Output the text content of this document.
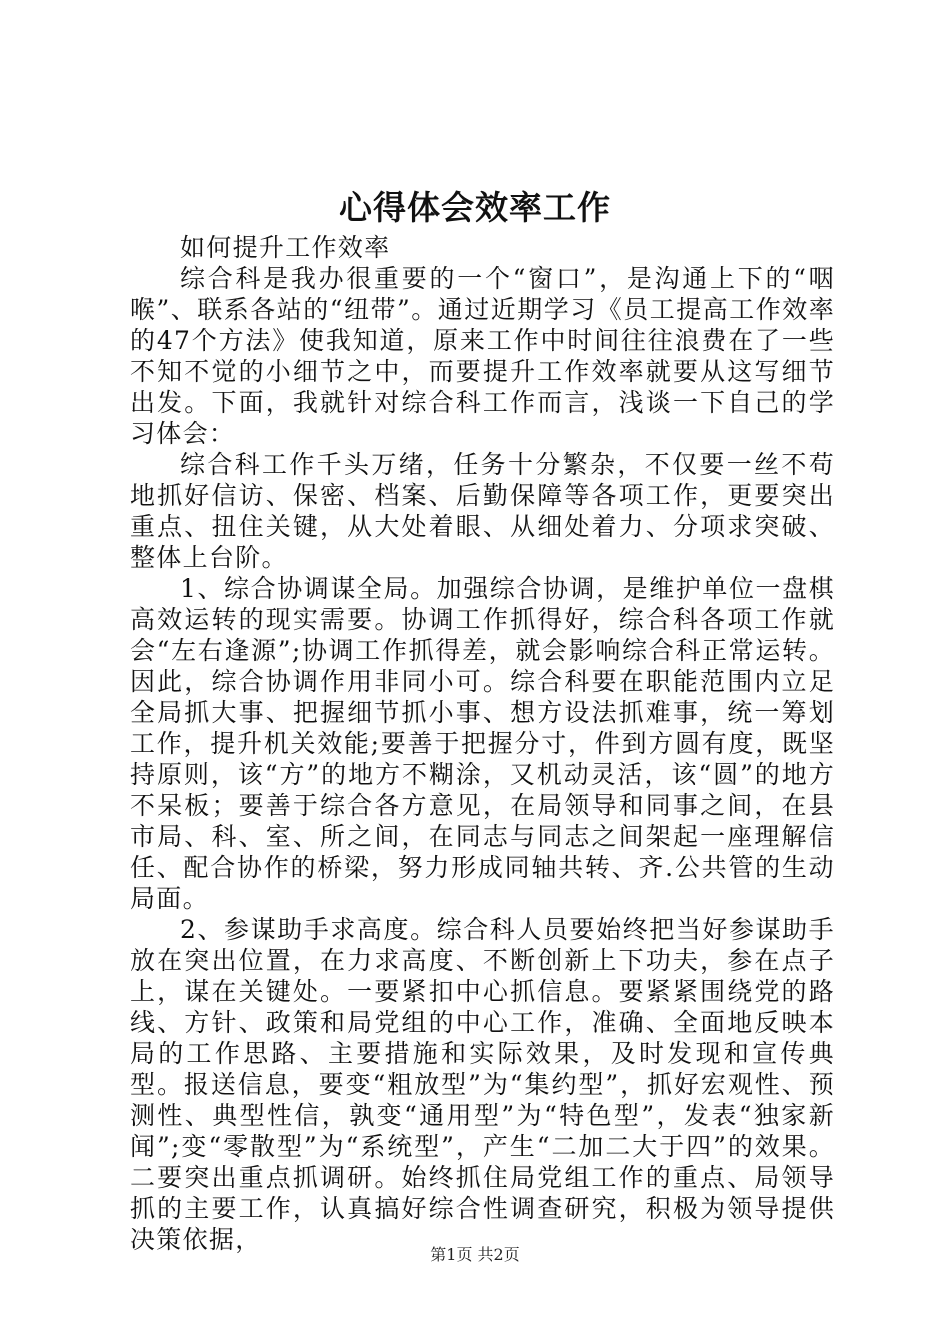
心得体会效率工作

如何提升工作效率

综合科是我办很重要的一个“窗口”，是沟通上下的“咽喉”、联系各站的“纽带”。通过近期学习《员工提高工作效率的47个方法》使我知道，原来工作中时间往往浪费在了一些不知不觉的小细节之中，而要提升工作效率就要从这写细节出发。下面，我就针对综合科工作而言，浅谈一下自己的学习体会：

综合科工作千头万绪，任务十分繁杂，不仅要一丝不苟地抓好信访、保密、档案、后勤保障等各项工作，更要突出重点、扭住关键，从大处着眼、从细处着力、分项求突破、整体上台阶。

1、综合协调谋全局。加强综合协调，是维护单位一盘棋高效运转的现实需要。协调工作抓得好，综合科各项工作就会“左右逢源”;协调工作抓得差，就会影响综合科正常运转。因此，综合协调作用非同小可。综合科要在职能范围内立足全局抓大事、把握细节抓小事、想方设法抓难事，统一筹划工作，提升机关效能;要善于把握分寸，件到方圆有度，既坚持原则，该“方”的地方不糊涂，又机动灵活，该“圆”的地方不呆板；要善于综合各方意见，在局领导和同事之间，在县市局、科、室、所之间，在同志与同志之间架起一座理解信任、配合协作的桥梁，努力形成同轴共转、齐.公共管的生动局面。

2、参谋助手求高度。综合科人员要始终把当好参谋助手放在突出位置，在力求高度、不断创新上下功夫，参在点子上，谋在关键处。一要紧扣中心抓信息。要紧紧围绕党的路线、方针、政策和局党组的中心工作，准确、全面地反映本局的工作思路、主要措施和实际效果，及时发现和宣传典型。报送信息，要变“粗放型”为“集约型”，抓好宏观性、预测性、典型性信，孰变“通用型”为“特色型”，发表“独家新闻”;变“零散型”为“系统型”，产生“二加二大于四”的效果。二要突出重点抓调研。始终抓住局党组工作的重点、局领导抓的主要工作，认真搞好综合性调查研究，积极为领导提供决策依据，

第1页 共2页
